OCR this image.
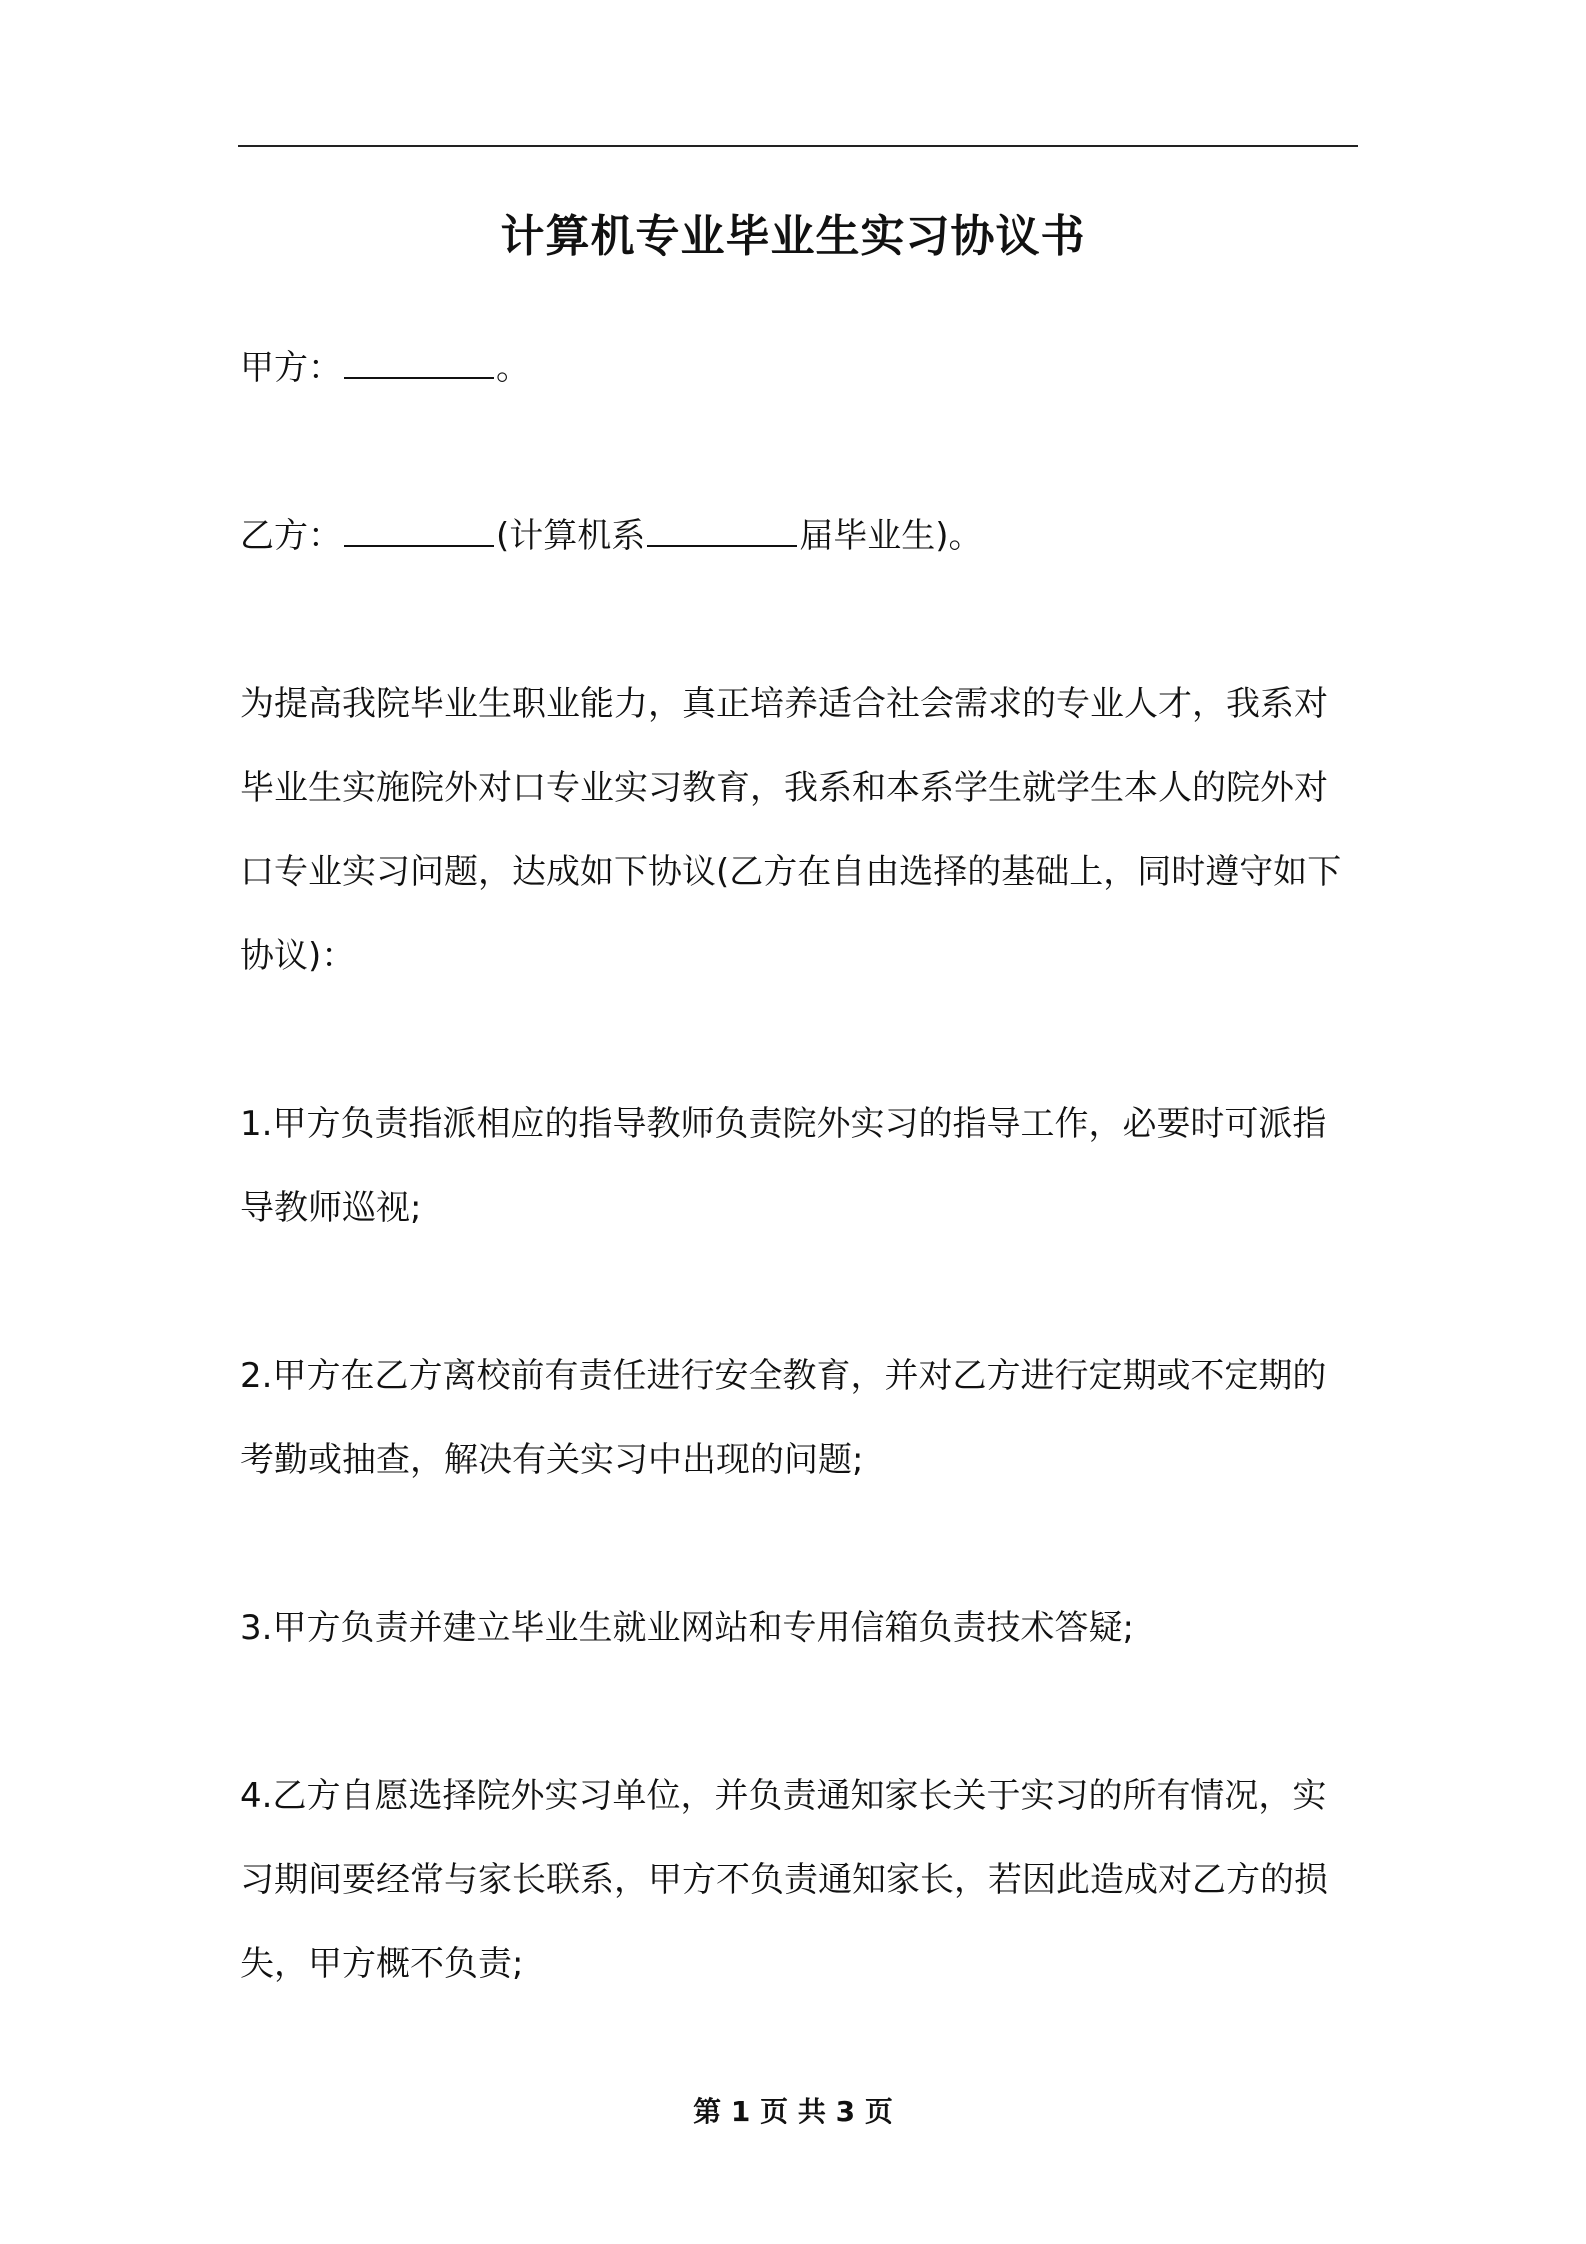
计算机专业毕业生实习协议书

甲方：	。

乙方：	(计算机系	届毕业生)。

为提高我院毕业生职业能力，真正培养适合社会需求的专业人才，我系对毕业生实施院外对口专业实习教育，我系和本系学生就学生本人的院外对口专业实习问题，达成如下协议(乙方在自由选择的基础上，同时遵守如下协议)：

1.甲方负责指派相应的指导教师负责院外实习的指导工作，必要时可派指导教师巡视;

2.甲方在乙方离校前有责任进行安全教育，并对乙方进行定期或不定期的考勤或抽查，解决有关实习中出现的问题;

3.甲方负责并建立毕业生就业网站和专用信箱负责技术答疑;

4.乙方自愿选择院外实习单位，并负责通知家长关于实习的所有情况，实习期间要经常与家长联系，甲方不负责通知家长，若因此造成对乙方的损失，甲方概不负责;

第 1 页 共 3 页
